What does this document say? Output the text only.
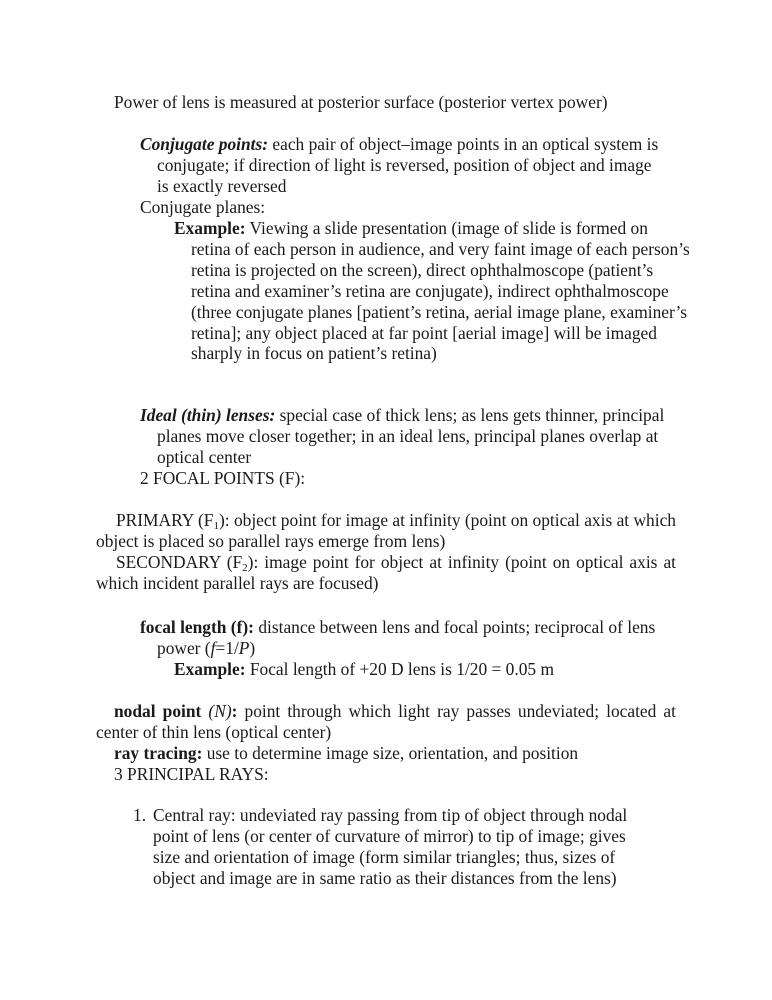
Power of lens is measured at posterior surface (posterior vertex power)

Conjugate points: each pair of object–image points in an optical system is conjugate; if direction of light is reversed, position of object and image is exactly reversed

Conjugate planes:

Example: Viewing a slide presentation (image of slide is formed on retina of each person in audience, and very faint image of each person’s retina is projected on the screen), direct ophthalmoscope (patient’s retina and examiner’s retina are conjugate), indirect ophthalmoscope (three conjugate planes [patient’s retina, aerial image plane, examiner’s retina]; any object placed at far point [aerial image] will be imaged sharply in focus on patient’s retina)

Ideal (thin) lenses: special case of thick lens; as lens gets thinner, principal planes move closer together; in an ideal lens, principal planes overlap at optical center

2 FOCAL POINTS (F):

PRIMARY $(F_1)$: object point for image at infinity (point on optical axis at which object is placed so parallel rays emerge from lens)

SECONDARY $(F_2)$: image point for object at infinity (point on optical axis at which incident parallel rays are focused)

focal length (f): distance between lens and focal points; reciprocal of lens power (f=1/P)

Example: Focal length of +20 D lens is 1/20 = 0.05 m

nodal point (N): point through which light ray passes undeviated; located at center of thin lens (optical center)

ray tracing: use to determine image size, orientation, and position

3 PRINCIPAL RAYS:

1. Central ray: undeviated ray passing from tip of object through nodal point of lens (or center of curvature of mirror) to tip of image; gives size and orientation of image (form similar triangles; thus, sizes of object and image are in same ratio as their distances from the lens)
